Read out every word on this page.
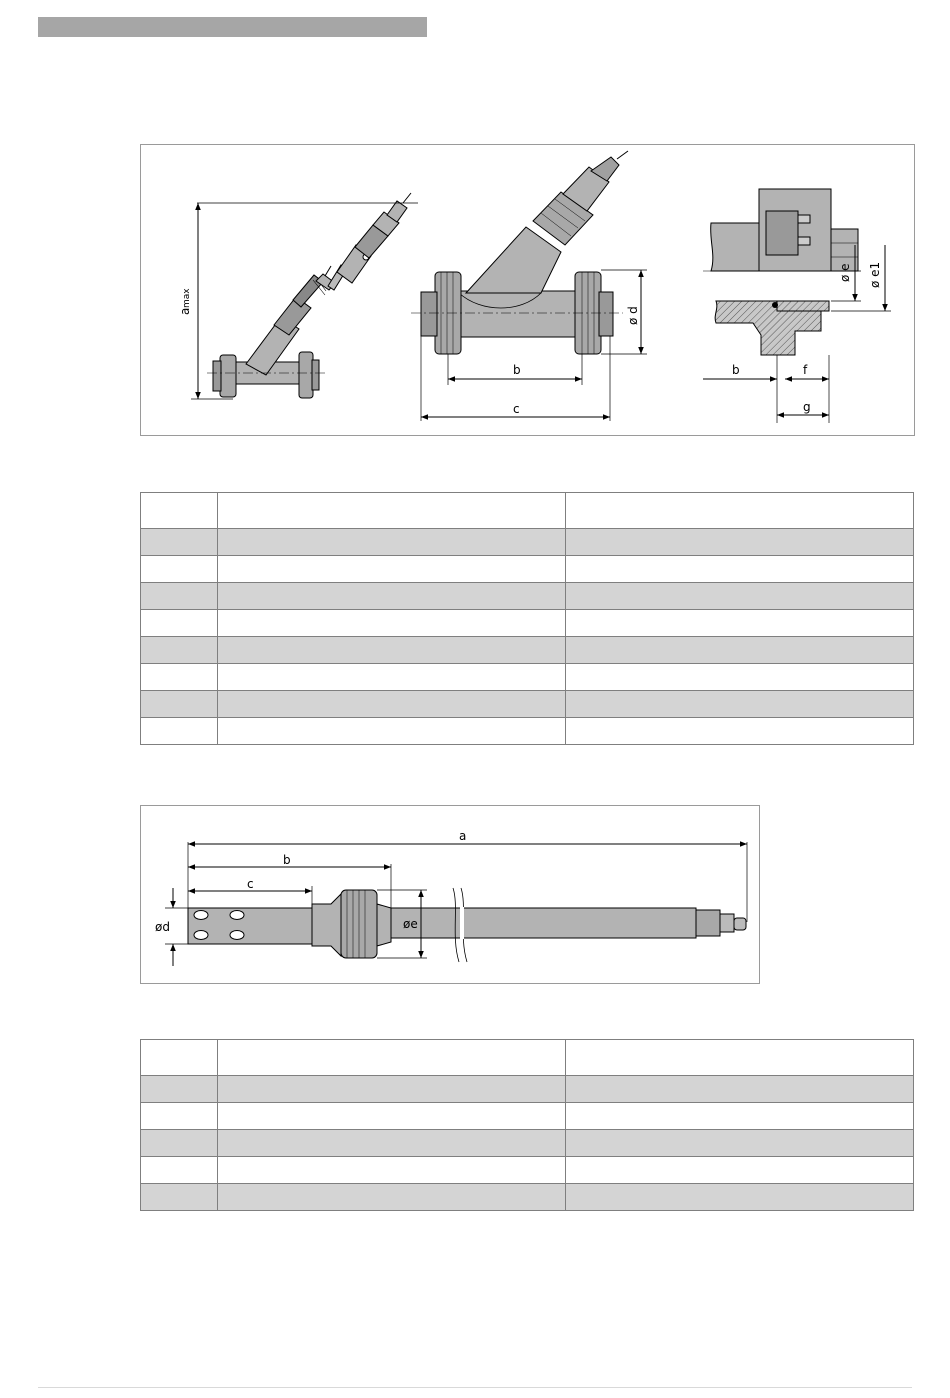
a
max
ø d
b
c
ø e ø e1
b	f
g

a
b
c
ød	øe
